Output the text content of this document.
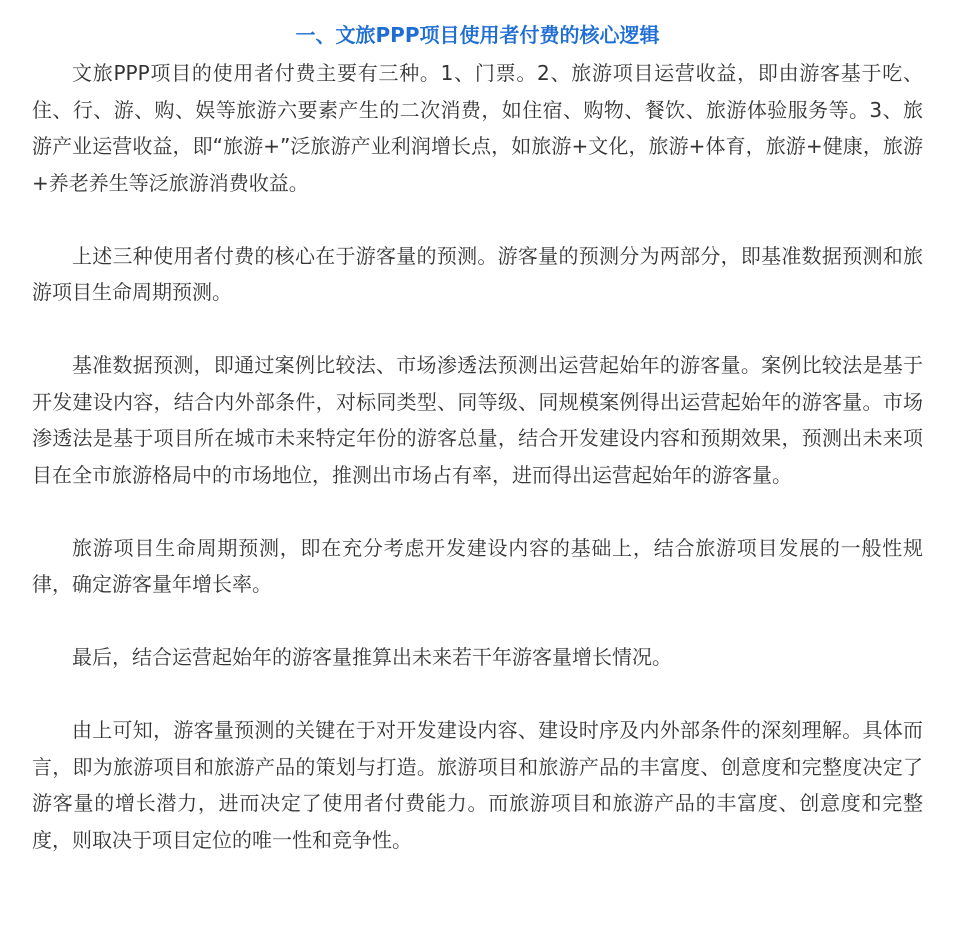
一、文旅PPP项目使用者付费的核心逻辑

文旅PPP项目的使用者付费主要有三种。1、门票。2、旅游项目运营收益，即由游客基于吃、住、行、游、购、娱等旅游六要素产生的二次消费，如住宿、购物、餐饮、旅游体验服务等。3、旅游产业运营收益，即“旅游+”泛旅游产业利润增长点，如旅游+文化，旅游+体育，旅游+健康，旅游+养老养生等泛旅游消费收益。

上述三种使用者付费的核心在于游客量的预测。游客量的预测分为两部分，即基准数据预测和旅游项目生命周期预测。

基准数据预测，即通过案例比较法、市场渗透法预测出运营起始年的游客量。案例比较法是基于开发建设内容，结合内外部条件，对标同类型、同等级、同规模案例得出运营起始年的游客量。市场渗透法是基于项目所在城市未来特定年份的游客总量，结合开发建设内容和预期效果，预测出未来项目在全市旅游格局中的市场地位，推测出市场占有率，进而得出运营起始年的游客量。

旅游项目生命周期预测，即在充分考虑开发建设内容的基础上，结合旅游项目发展的一般性规律，确定游客量年增长率。

最后，结合运营起始年的游客量推算出未来若干年游客量增长情况。

由上可知，游客量预测的关键在于对开发建设内容、建设时序及内外部条件的深刻理解。具体而言，即为旅游项目和旅游产品的策划与打造。旅游项目和旅游产品的丰富度、创意度和完整度决定了游客量的增长潜力，进而决定了使用者付费能力。而旅游项目和旅游产品的丰富度、创意度和完整度，则取决于项目定位的唯一性和竞争性。
